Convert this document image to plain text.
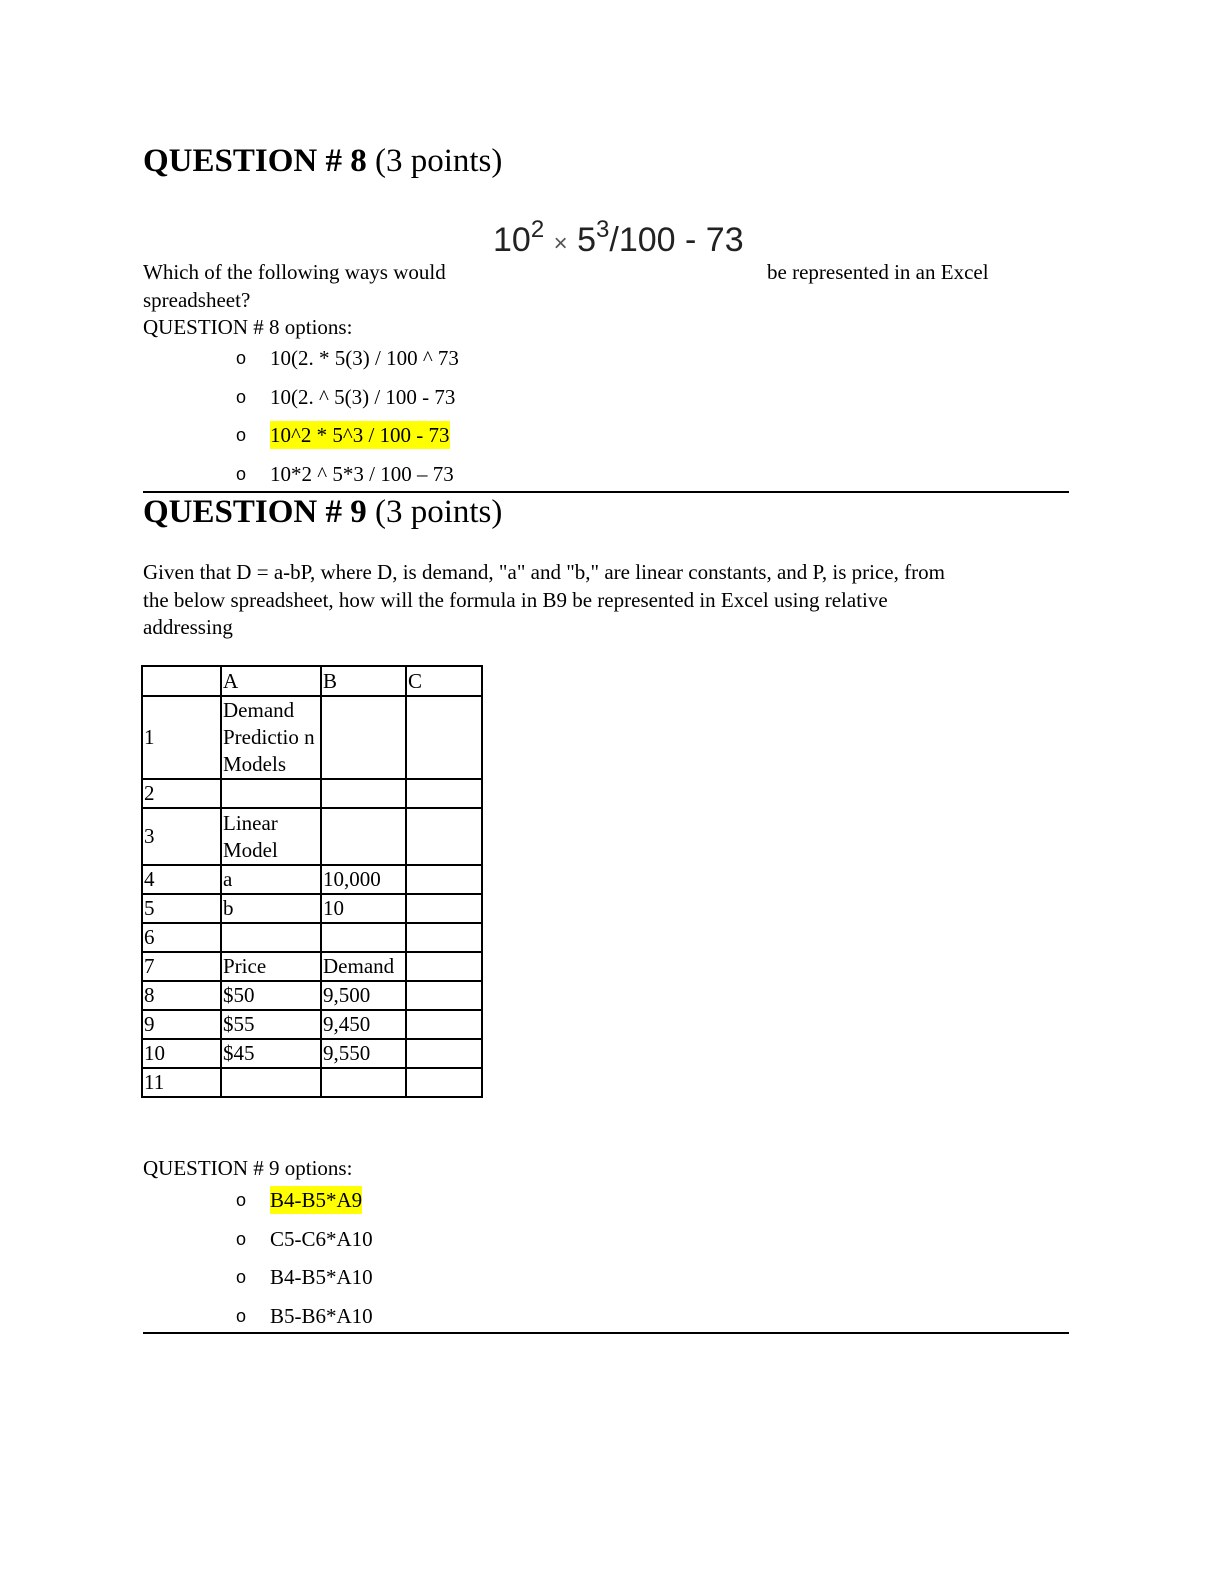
QUESTION # 8 (3 points)
Which of the following ways would
$10^2 \times 5^3/100 - 73$
be represented in an Excel
spreadsheet?
QUESTION # 8 options:
o 10(2. * 5(3) / 100 ^ 73
o 10(2. ^ 5(3) / 100 - 73
o 10^2 * 5^3 / 100 - 73
o 10*2 ^ 5*3 / 100 – 73
QUESTION # 9 (3 points)
Given that D = a-bP, where D, is demand, "a" and "b," are linear constants, and P, is price, from
the below spreadsheet, how will the formula in B9 be represented in Excel using relative
addressing
	A	B	C
1	Demand Predictio n Models		
2			
3	Linear Model		
4	a	10,000	
5	b	10	
6			
7	Price	Demand	
8	$50	9,500	
9	$55	9,450	
10	$45	9,550	
11			
QUESTION # 9 options:
o B4-B5*A9
o C5-C6*A10
o B4-B5*A10
o B5-B6*A10
